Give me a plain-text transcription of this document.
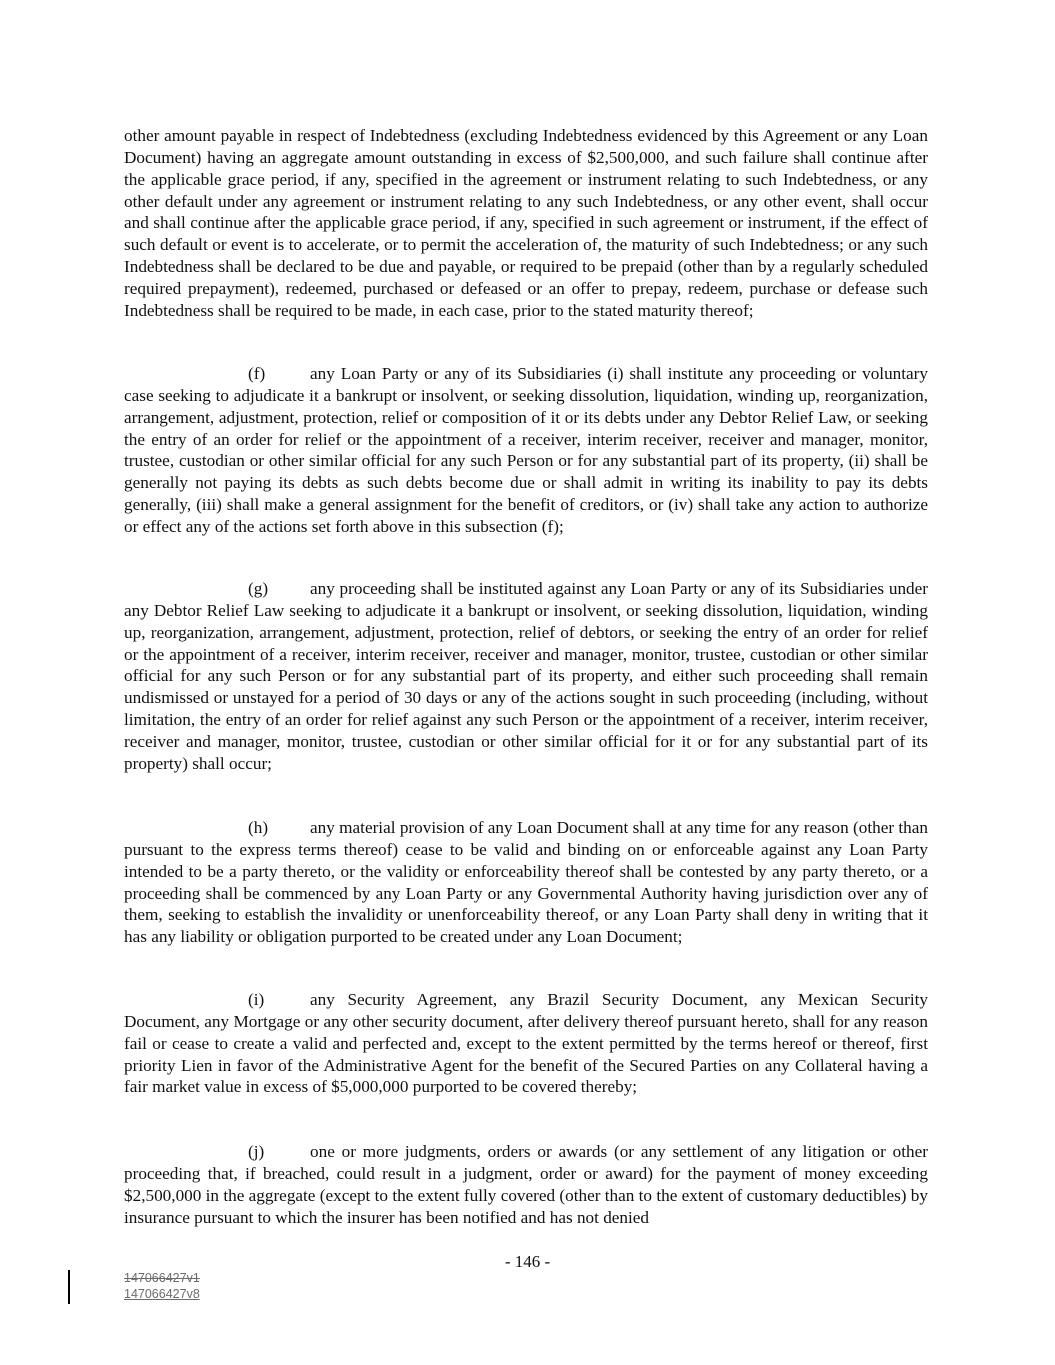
other amount payable in respect of Indebtedness (excluding Indebtedness evidenced by this Agreement or any Loan Document) having an aggregate amount outstanding in excess of $2,500,000, and such failure shall continue after the applicable grace period, if any, specified in the agreement or instrument relating to such Indebtedness, or any other default under any agreement or instrument relating to any such Indebtedness, or any other event, shall occur and shall continue after the applicable grace period, if any, specified in such agreement or instrument, if the effect of such default or event is to accelerate, or to permit the acceleration of, the maturity of such Indebtedness; or any such Indebtedness shall be declared to be due and payable, or required to be prepaid (other than by a regularly scheduled required prepayment), redeemed, purchased or defeased or an offer to prepay, redeem, purchase or defease such Indebtedness shall be required to be made, in each case, prior to the stated maturity thereof;

(f)	any Loan Party or any of its Subsidiaries (i) shall institute any proceeding or voluntary case seeking to adjudicate it a bankrupt or insolvent, or seeking dissolution, liquidation, winding up, reorganization, arrangement, adjustment, protection, relief or composition of it or its debts under any Debtor Relief Law, or seeking the entry of an order for relief or the appointment of a receiver, interim receiver, receiver and manager, monitor, trustee, custodian or other similar official for any such Person or for any substantial part of its property, (ii) shall be generally not paying its debts as such debts become due or shall admit in writing its inability to pay its debts generally, (iii) shall make a general assignment for the benefit of creditors, or (iv) shall take any action to authorize or effect any of the actions set forth above in this subsection (f);

(g) any proceeding shall be instituted against any Loan Party or any of its Subsidiaries under any Debtor Relief Law seeking to adjudicate it a bankrupt or insolvent, or seeking dissolution, liquidation, winding up, reorganization, arrangement, adjustment, protection, relief of debtors, or seeking the entry of an order for relief or the appointment of a receiver, interim receiver, receiver and manager, monitor, trustee, custodian or other similar official for any such Person or for any substantial part of its property, and either such proceeding shall remain undismissed or unstayed for a period of 30 days or any of the actions sought in such proceeding (including, without limitation, the entry of an order for relief against any such Person or the appointment of a receiver, interim receiver, receiver and manager, monitor, trustee, custodian or other similar official for it or for any substantial part of its property) shall occur;

(h) any material provision of any Loan Document shall at any time for any reason (other than pursuant to the express terms thereof) cease to be valid and binding on or enforceable against any Loan Party intended to be a party thereto, or the validity or enforceability thereof shall be contested by any party thereto, or a proceeding shall be commenced by any Loan Party or any Governmental Authority having jurisdiction over any of them, seeking to establish the invalidity or unenforceability thereof, or any Loan Party shall deny in writing that it has any liability or obligation purported to be created under any Loan Document;

(i)	any Security Agreement, any Brazil Security Document, any Mexican Security Document, any Mortgage or any other security document, after delivery thereof pursuant hereto, shall for any reason fail or cease to create a valid and perfected and, except to the extent permitted by the terms hereof or thereof, first priority Lien in favor of the Administrative Agent for the benefit of the Secured Parties on any Collateral having a fair market value in excess of $5,000,000 purported to be covered thereby;

(j)	one or more judgments, orders or awards (or any settlement of any litigation or other proceeding that, if breached, could result in a judgment, order or award) for the payment of money exceeding $2,500,000 in the aggregate (except to the extent fully covered (other than to the extent of customary deductibles) by insurance pursuant to which the insurer has been notified and has not denied

- 146 -
147066427v1
147066427v8
